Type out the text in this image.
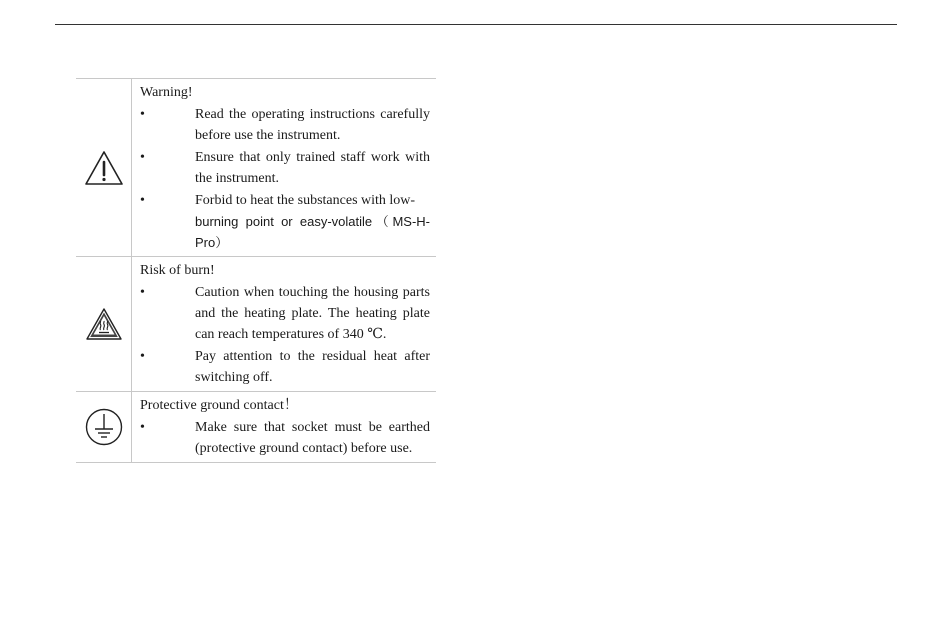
Warning!
• Read the operating instructions carefully before use the instrument.
• Ensure that only trained staff work with the instrument.
• Forbid to heat the substances with low-
burning point or easy-volatile（MS-H-Pro）

Risk of burn!
• Caution when touching the housing parts and the heating plate. The heating plate can reach temperatures of 340 ℃.
• Pay attention to the residual heat after switching off.

Protective ground contact！
• Make sure that socket must be earthed (protective ground contact) before use.
